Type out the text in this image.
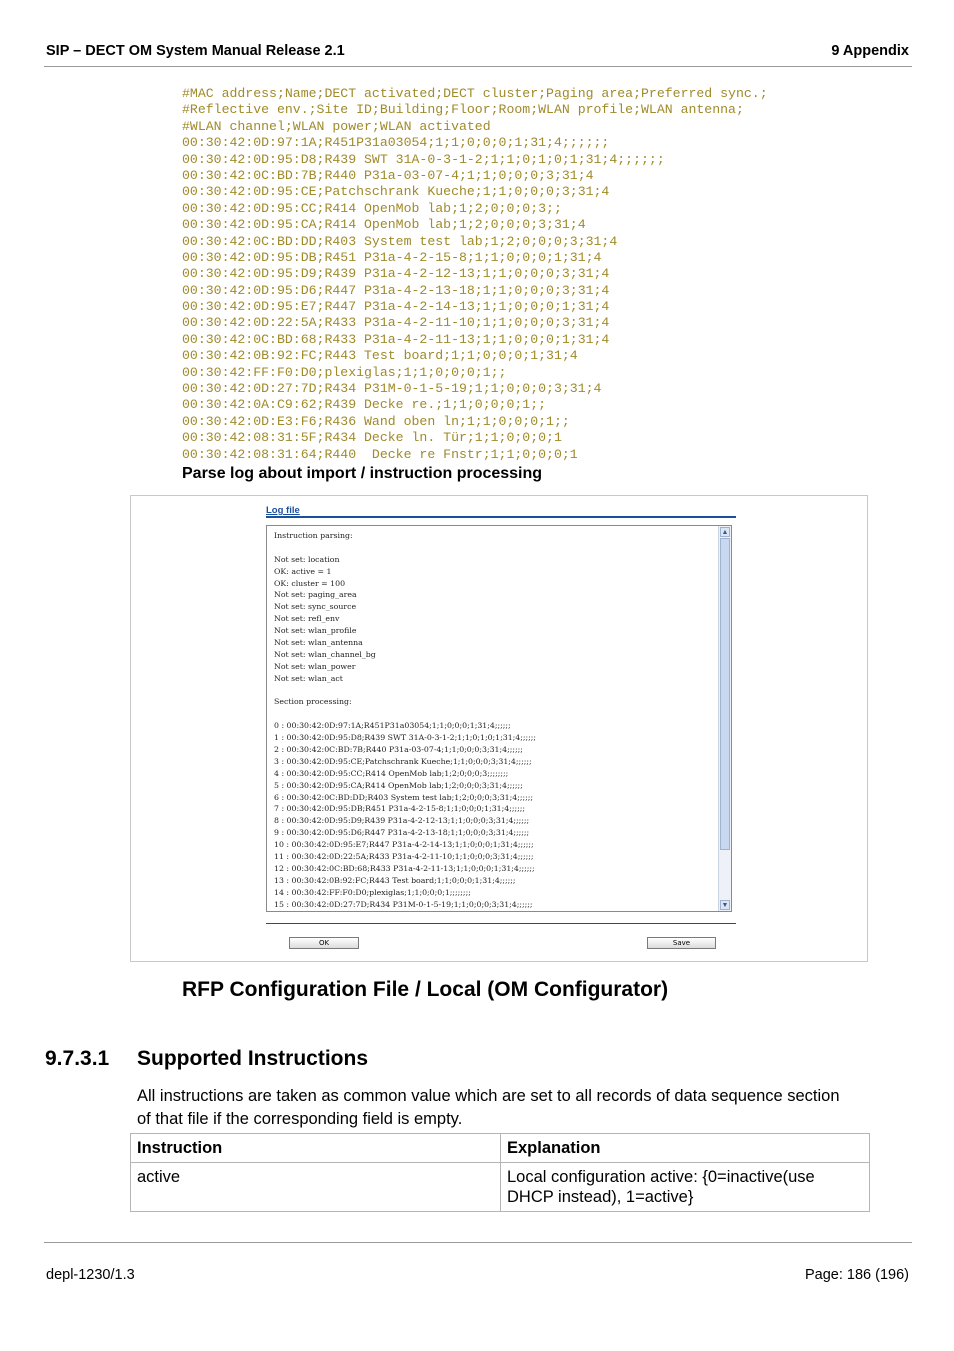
SIP – DECT OM System Manual Release 2.1	9 Appendix
#MAC address;Name;DECT activated;DECT cluster;Paging area;Preferred sync.;
#Reflective env.;Site ID;Building;Floor;Room;WLAN profile;WLAN antenna;
#WLAN channel;WLAN power;WLAN activated
00:30:42:0D:97:1A;R451P31a03054;1;1;0;0;0;1;31;4;;;;;;
00:30:42:0D:95:D8;R439 SWT 31A-0-3-1-2;1;1;0;1;0;1;31;4;;;;;;
00:30:42:0C:BD:7B;R440 P31a-03-07-4;1;1;0;0;0;3;31;4
00:30:42:0D:95:CE;Patchschrank Kueche;1;1;0;0;0;3;31;4
00:30:42:0D:95:CC;R414 OpenMob lab;1;2;0;0;0;3;;
00:30:42:0D:95:CA;R414 OpenMob lab;1;2;0;0;0;3;31;4
00:30:42:0C:BD:DD;R403 System test lab;1;2;0;0;0;3;31;4
00:30:42:0D:95:DB;R451 P31a-4-2-15-8;1;1;0;0;0;1;31;4
00:30:42:0D:95:D9;R439 P31a-4-2-12-13;1;1;0;0;0;3;31;4
00:30:42:0D:95:D6;R447 P31a-4-2-13-18;1;1;0;0;0;3;31;4
00:30:42:0D:95:E7;R447 P31a-4-2-14-13;1;1;0;0;0;1;31;4
00:30:42:0D:22:5A;R433 P31a-4-2-11-10;1;1;0;0;0;3;31;4
00:30:42:0C:BD:68;R433 P31a-4-2-11-13;1;1;0;0;0;1;31;4
00:30:42:0B:92:FC;R443 Test board;1;1;0;0;0;1;31;4
00:30:42:FF:F0:D0;plexiglas;1;1;0;0;0;1;;
00:30:42:0D:27:7D;R434 P31M-0-1-5-19;1;1;0;0;0;3;31;4
00:30:42:0A:C9:62;R439 Decke re.;1;1;0;0;0;1;;
00:30:42:0D:E3:F6;R436 Wand oben ln;1;1;0;0;0;1;;
00:30:42:08:31:5F;R434 Decke ln. Tür;1;1;0;0;0;1
00:30:42:08:31:64;R440  Decke re Fnstr;1;1;0;0;0;1
Parse log about import / instruction processing
Log file
Instruction parsing:
Not set: location
OK: active = 1
OK: cluster = 100
Not set: paging_area
Not set: sync_source
Not set: refl_env
Not set: wlan_profile
Not set: wlan_antenna
Not set: wlan_channel_bg
Not set: wlan_power
Not set: wlan_act
Section processing:
0 : 00:30:42:0D:97:1A;R451P31a03054;1;1;0;0;0;1;31;4;;;;;;
1 : 00:30:42:0D:95:D8;R439 SWT 31A-0-3-1-2;1;1;0;1;0;1;31;4;;;;;;
2 : 00:30:42:0C:BD:7B;R440 P31a-03-07-4;1;1;0;0;0;3;31;4;;;;;;
3 : 00:30:42:0D:95:CE;Patchschrank Kueche;1;1;0;0;0;3;31;4;;;;;;
4 : 00:30:42:0D:95:CC;R414 OpenMob lab;1;2;0;0;0;3;;;;;;;;
5 : 00:30:42:0D:95:CA;R414 OpenMob lab;1;2;0;0;0;3;31;4;;;;;;
6 : 00:30:42:0C:BD:DD;R403 System test lab;1;2;0;0;0;3;31;4;;;;;;
7 : 00:30:42:0D:95:DB;R451 P31a-4-2-15-8;1;1;0;0;0;1;31;4;;;;;;
8 : 00:30:42:0D:95:D9;R439 P31a-4-2-12-13;1;1;0;0;0;3;31;4;;;;;;
9 : 00:30:42:0D:95:D6;R447 P31a-4-2-13-18;1;1;0;0;0;3;31;4;;;;;;
10 : 00:30:42:0D:95:E7;R447 P31a-4-2-14-13;1;1;0;0;0;1;31;4;;;;;;
11 : 00:30:42:0D:22:5A;R433 P31a-4-2-11-10;1;1;0;0;0;3;31;4;;;;;;
12 : 00:30:42:0C:BD:68;R433 P31a-4-2-11-13;1;1;0;0;0;1;31;4;;;;;;
13 : 00:30:42:0B:92:FC;R443 Test board;1;1;0;0;0;1;31;4;;;;;;
14 : 00:30:42:FF:F0:D0;plexiglas;1;1;0;0;0;1;;;;;;;;
15 : 00:30:42:0D:27:7D;R434 P31M-0-1-5-19;1;1;0;0;0;3;31;4;;;;;;
▲
▼
OK	Save
RFP Configuration File / Local (OM Configurator)
9.7.3.1 Supported Instructions
All instructions are taken as common value which are set to all records of data sequence section of that file if the corresponding field is empty.
Instruction	Explanation
active	Local configuration active: {0=inactive(use DHCP instead), 1=active}
depl-1230/1.3	Page: 186 (196)
